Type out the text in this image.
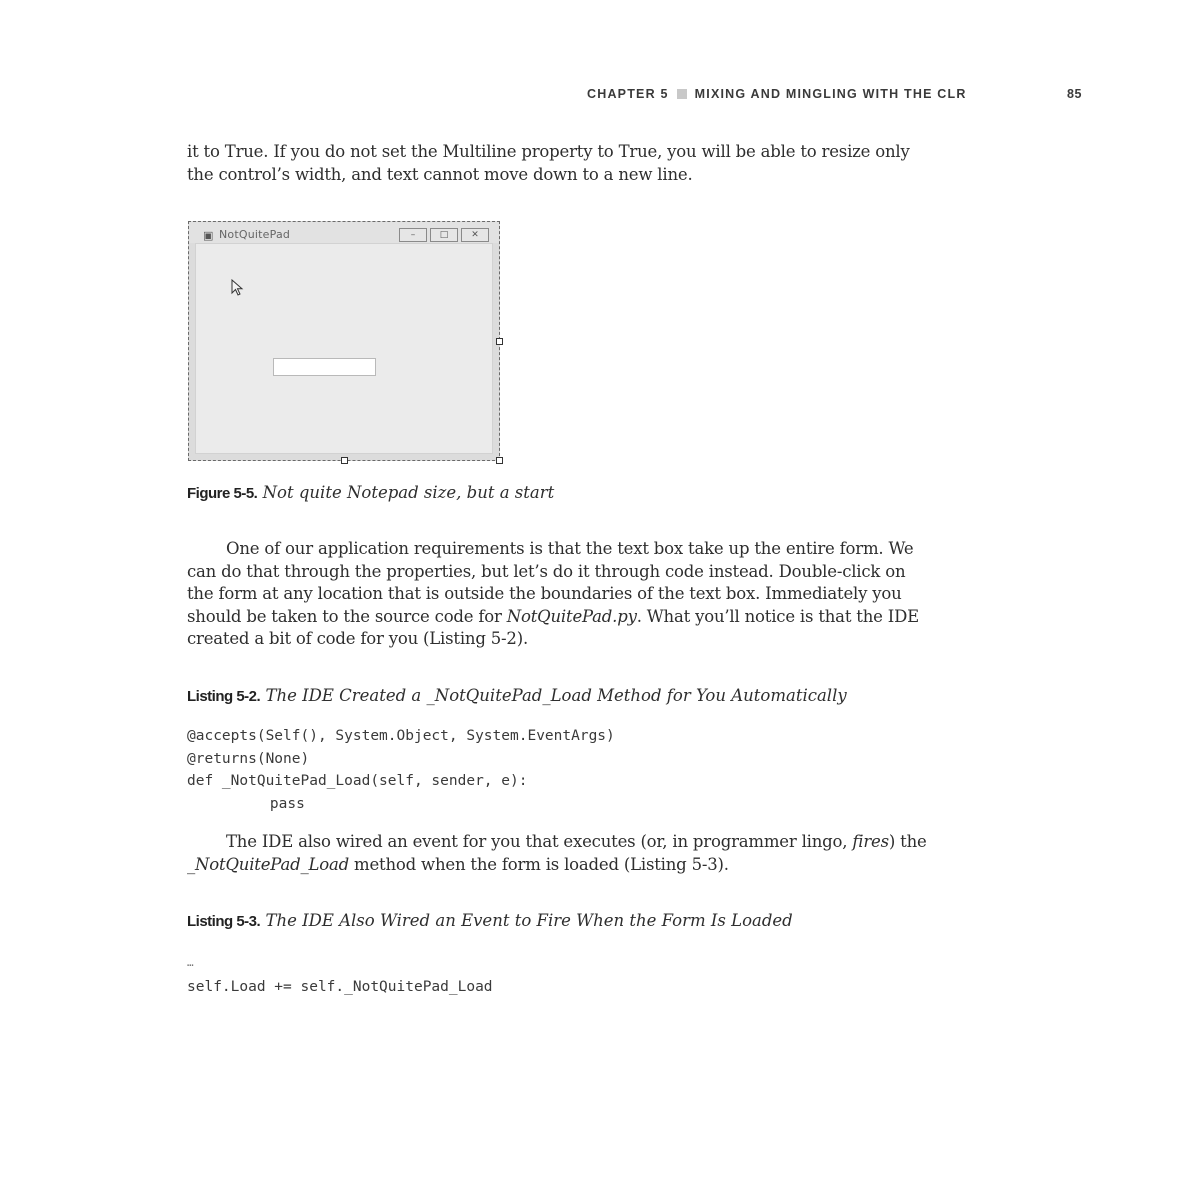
CHAPTER 5 MIXING AND MINGLING WITH THE CLR	85

it to True. If you do not set the Multiline property to True, you will be able to resize only

the control’s width, and text cannot move down to a new line.

▣ NotQuitePad	–	□	✕
Figure 5-5. Not quite Notepad size, but a start

One of our application requirements is that the text box take up the entire form. We

can do that through the properties, but let’s do it through code instead. Double-click on

the form at any location that is outside the boundaries of the text box. Immediately you

should be taken to the source code for NotQuitePad.py. What you’ll notice is that the IDE

created a bit of code for you (Listing 5-2).

Listing 5-2. The IDE Created a _NotQuitePad_Load Method for You Automatically
@accepts(Self(), System.Object, System.EventArgs)
@returns(None)
def _NotQuitePad_Load(self, sender, e):
pass

The IDE also wired an event for you that executes (or, in programmer lingo, fires) the

_NotQuitePad_Load method when the form is loaded (Listing 5-3).

Listing 5-3. The IDE Also Wired an Event to Fire When the Form Is Loaded
…
self.Load += self._NotQuitePad_Load
